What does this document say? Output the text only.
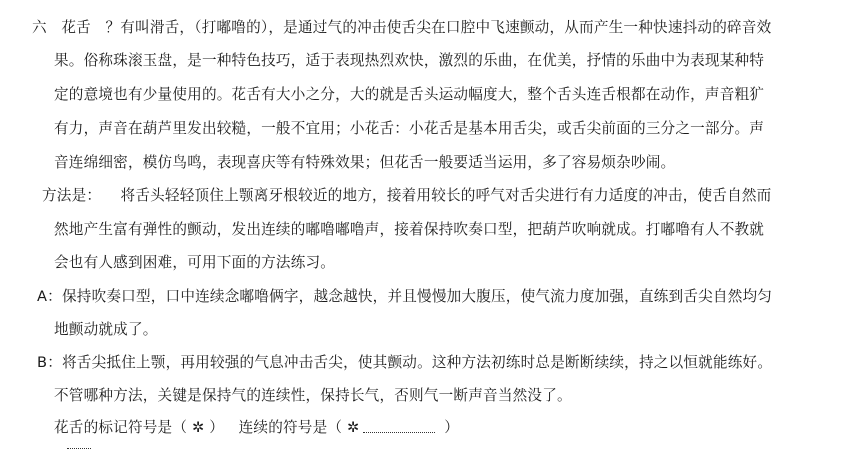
六 花舌 ？有叫滑舌，（打嘟噜的），是通过气的冲击使舌尖在口腔中飞速颤动，从而产生一种快速抖动的碎音效
果。俗称珠滚玉盘，是一种特色技巧，适于表现热烈欢快，激烈的乐曲，在优美，抒情的乐曲中为表现某种特
定的意境也有少量使用的。花舌有大小之分，大的就是舌头运动幅度大，整个舌头连舌根都在动作，声音粗犷
有力，声音在葫芦里发出较糙，一般不宜用；小花舌：小花舌是基本用舌尖，或舌尖前面的三分之一部分。声
音连绵细密，模仿鸟鸣，表现喜庆等有特殊效果；但花舌一般要适当运用，多了容易烦杂吵闹。
方法是： 将舌头轻轻顶住上颚离牙根较近的地方，接着用较长的呼气对舌尖进行有力适度的冲击，使舌自然而
然地产生富有弹性的颤动，发出连续的嘟噜嘟噜声，接着保持吹奏口型，把葫芦吹响就成。打嘟噜有人不教就
会也有人感到困难，可用下面的方法练习。
A：保持吹奏口型，口中连续念嘟噜俩字，越念越快，并且慢慢加大腹压，使气流力度加强，直练到舌尖自然均匀
地颤动就成了。
B：将舌尖抵住上颚，再用较强的气息冲击舌尖，使其颤动。这种方法初练时总是断断续续，持之以恒就能练好。
不管哪种方法，关键是保持气的连续性，保持长气，否则气一断声音当然没了。
花舌的标记符号是（ ✲ ） 连续的符号是（ ✲	）
